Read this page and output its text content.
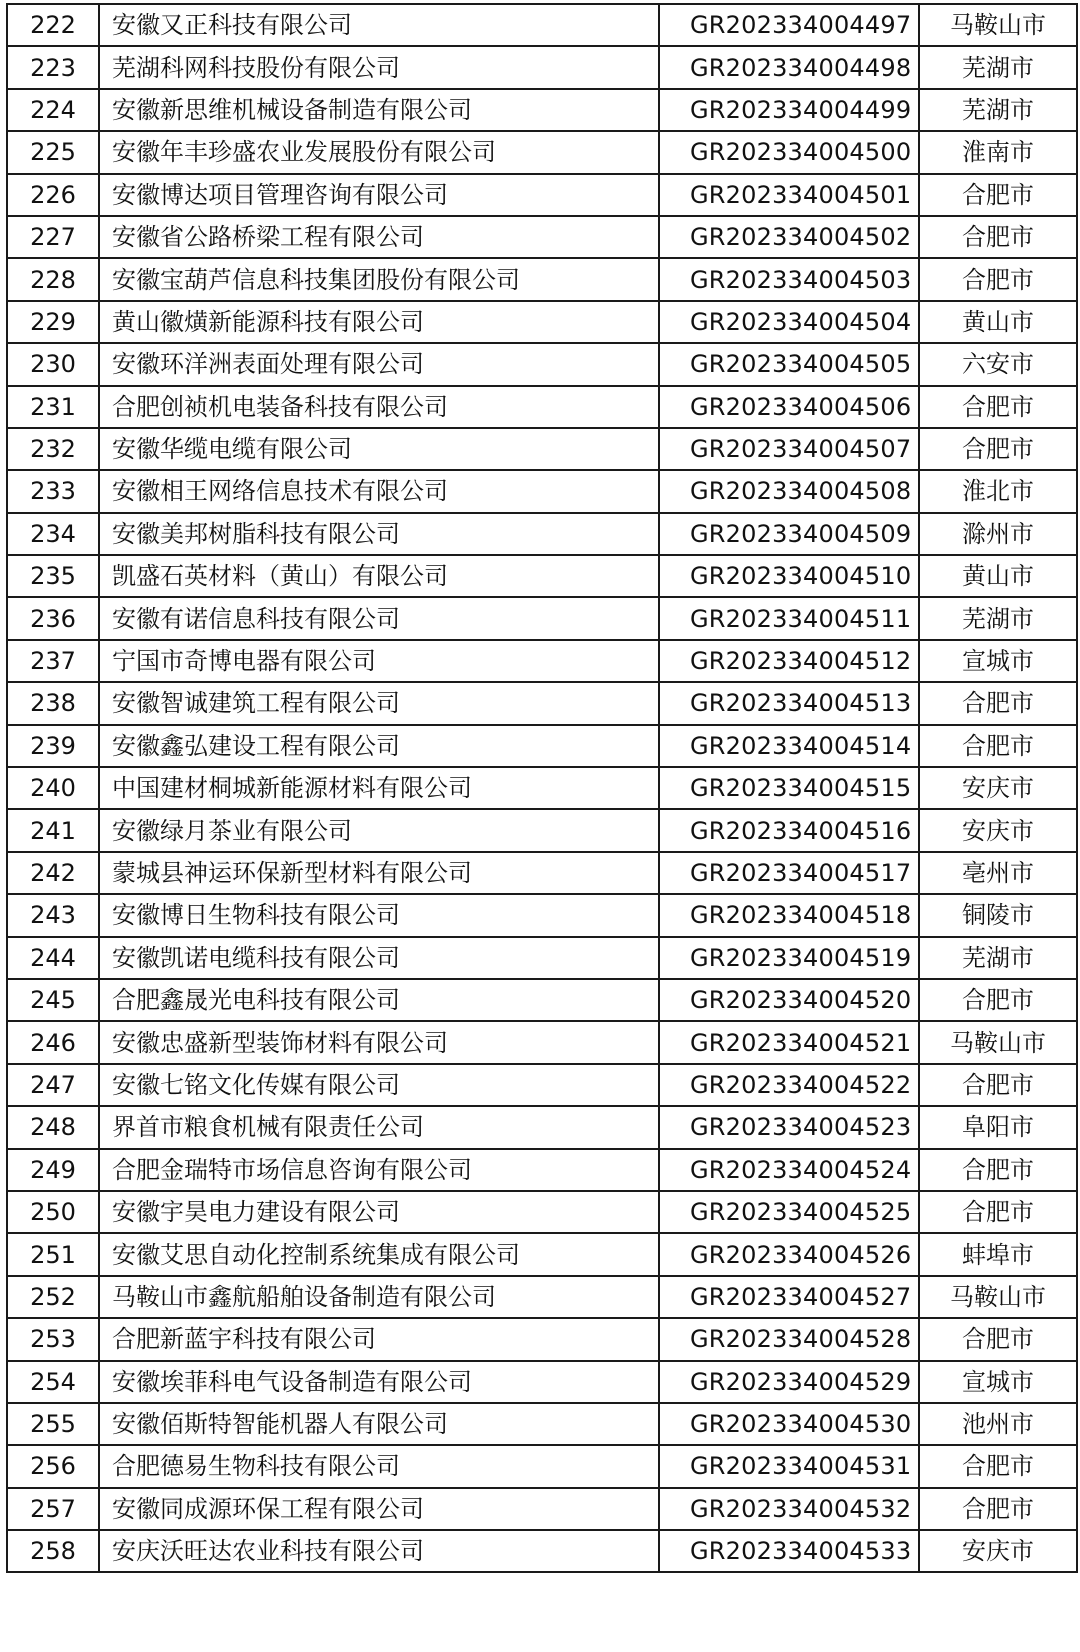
222	安徽又正科技有限公司	GR202334004497	马鞍山市
223	芜湖科网科技股份有限公司	GR202334004498	芜湖市
224	安徽新思维机械设备制造有限公司	GR202334004499	芜湖市
225	安徽年丰珍盛农业发展股份有限公司	GR202334004500	淮南市
226	安徽博达项目管理咨询有限公司	GR202334004501	合肥市
227	安徽省公路桥梁工程有限公司	GR202334004502	合肥市
228	安徽宝葫芦信息科技集团股份有限公司	GR202334004503	合肥市
229	黄山徽熿新能源科技有限公司	GR202334004504	黄山市
230	安徽环洋洲表面处理有限公司	GR202334004505	六安市
231	合肥创祯机电装备科技有限公司	GR202334004506	合肥市
232	安徽华缆电缆有限公司	GR202334004507	合肥市
233	安徽相王网络信息技术有限公司	GR202334004508	淮北市
234	安徽美邦树脂科技有限公司	GR202334004509	滁州市
235	凯盛石英材料（黄山）有限公司	GR202334004510	黄山市
236	安徽有诺信息科技有限公司	GR202334004511	芜湖市
237	宁国市奇博电器有限公司	GR202334004512	宣城市
238	安徽智诚建筑工程有限公司	GR202334004513	合肥市
239	安徽鑫弘建设工程有限公司	GR202334004514	合肥市
240	中国建材桐城新能源材料有限公司	GR202334004515	安庆市
241	安徽绿月茶业有限公司	GR202334004516	安庆市
242	蒙城县神运环保新型材料有限公司	GR202334004517	亳州市
243	安徽博日生物科技有限公司	GR202334004518	铜陵市
244	安徽凯诺电缆科技有限公司	GR202334004519	芜湖市
245	合肥鑫晟光电科技有限公司	GR202334004520	合肥市
246	安徽忠盛新型装饰材料有限公司	GR202334004521	马鞍山市
247	安徽七铭文化传媒有限公司	GR202334004522	合肥市
248	界首市粮食机械有限责任公司	GR202334004523	阜阳市
249	合肥金瑞特市场信息咨询有限公司	GR202334004524	合肥市
250	安徽宇昊电力建设有限公司	GR202334004525	合肥市
251	安徽艾思自动化控制系统集成有限公司	GR202334004526	蚌埠市
252	马鞍山市鑫航船舶设备制造有限公司	GR202334004527	马鞍山市
253	合肥新蓝宇科技有限公司	GR202334004528	合肥市
254	安徽埃菲科电气设备制造有限公司	GR202334004529	宣城市
255	安徽佰斯特智能机器人有限公司	GR202334004530	池州市
256	合肥德易生物科技有限公司	GR202334004531	合肥市
257	安徽同成源环保工程有限公司	GR202334004532	合肥市
258	安庆沃旺达农业科技有限公司	GR202334004533	安庆市
